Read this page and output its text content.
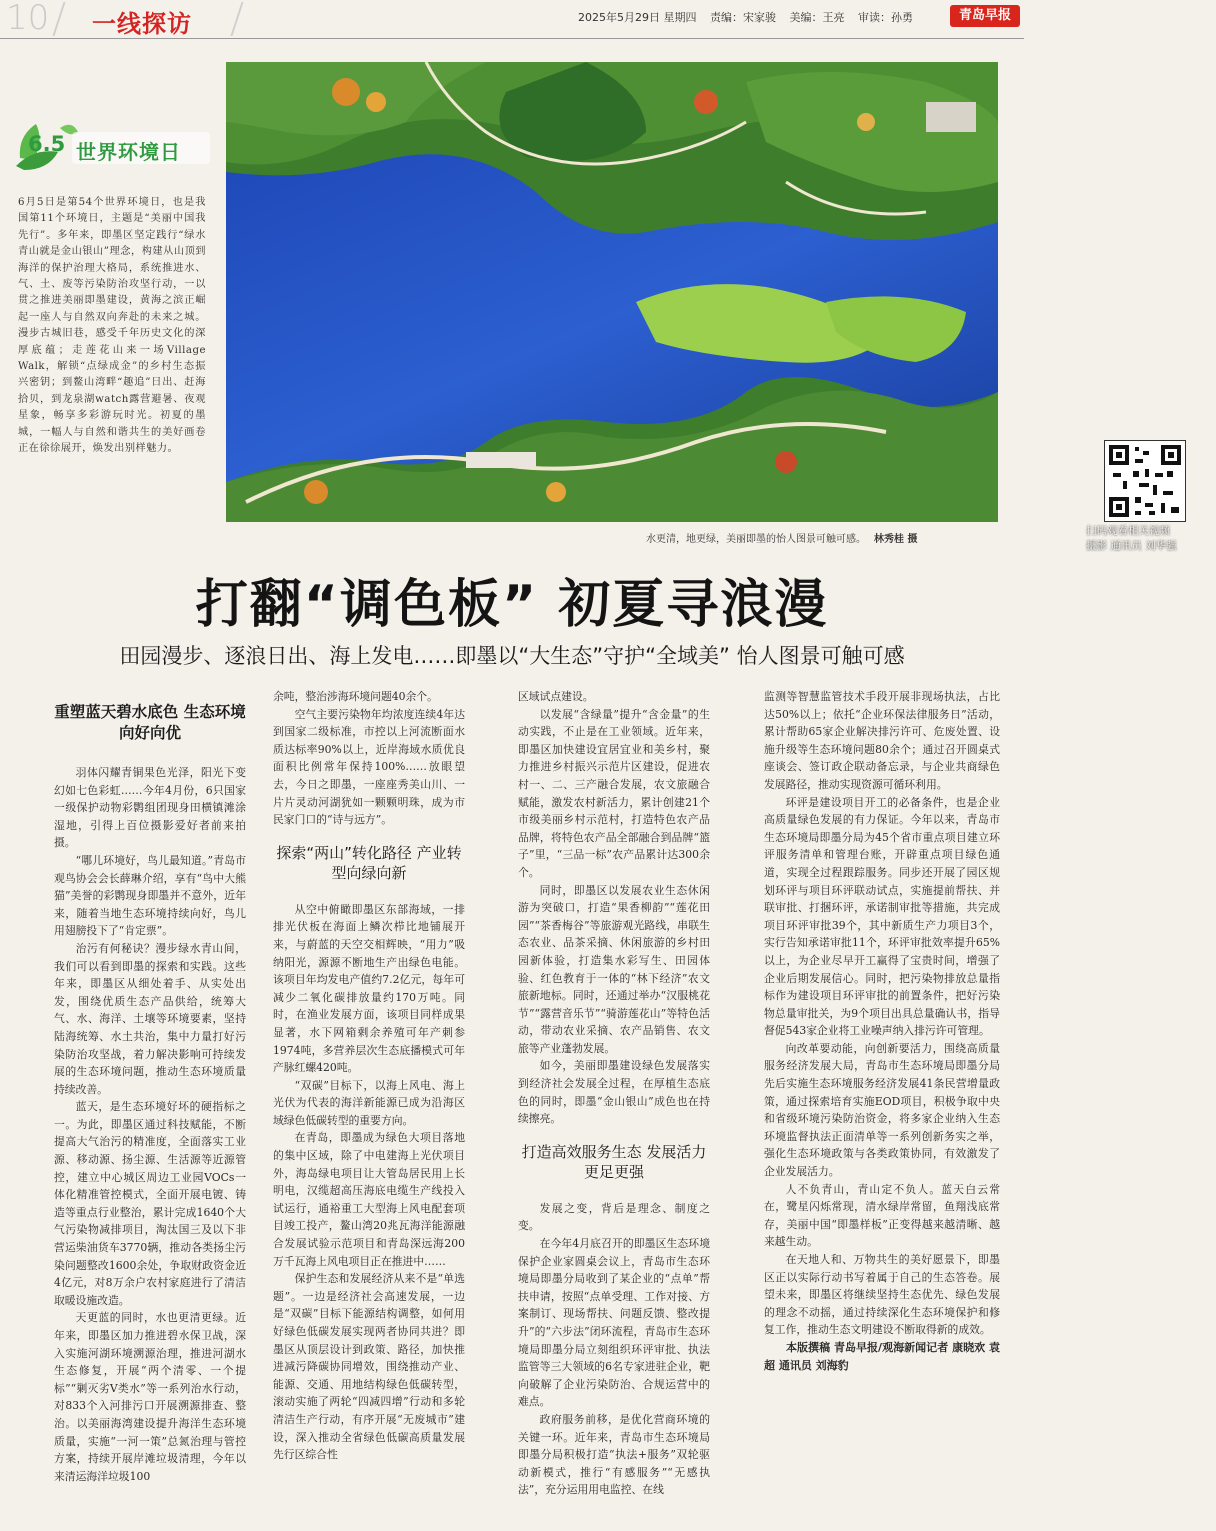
10 一线探访	2025年5月29日 星期四 责编：宋家骏 美编：王亮 审读：孙勇	青岛早报
扫码观看相关视频
摄影 通讯员 刘华强
水更清，地更绿，美丽即墨的怡人图景可触可感。 林秀桂 摄
6.5 世界环境日
6月5日是第54个世界环境日，也是我国第11个环境日，主题是“美丽中国我先行”。多年来，即墨区坚定践行“绿水青山就是金山银山”理念，构建从山顶到海洋的保护治理大格局，系统推进水、气、土、废等污染防治攻坚行动，一以贯之推进美丽即墨建设，黄海之滨正崛起一座人与自然双向奔赴的未来之城。漫步古城旧巷，感受千年历史文化的深厚底蕴；走莲花山来一场Village Walk，解锁“点绿成金”的乡村生态振兴密钥；到鳌山湾畔“趣追”日出、赶海拾贝，到龙泉湖watch露营避暑、夜观星象，畅享多彩游玩时光。初夏的墨城，一幅人与自然和谐共生的美好画卷正在徐徐展开，焕发出别样魅力。
打翻“调色板” 初夏寻浪漫
田园漫步、逐浪日出、海上发电……即墨以“大生态”守护“全域美” 怡人图景可触可感
重塑蓝天碧水底色 生态环境向好向优

羽体闪耀青铜果色光泽，阳光下变幻如七色彩虹……今年4月份，6只国家一级保护动物彩鹮组团现身田横镇滩涂湿地，引得上百位摄影爱好者前来拍摄。

“哪儿环境好，鸟儿最知道。”青岛市观鸟协会会长薛琳介绍，享有“鸟中大熊猫”美誉的彩鹮现身即墨并不意外，近年来，随着当地生态环境持续向好，鸟儿用翅膀投下了“肯定票”。

治污有何秘诀？漫步绿水青山间，我们可以看到即墨的探索和实践。这些年来，即墨区从细处着手、从实处出发，围绕优质生态产品供给，统筹大气、水、海洋、土壤等环境要素，坚持陆海统筹、水土共治，集中力量打好污染防治攻坚战，着力解决影响可持续发展的生态环境问题，推动生态环境质量持续改善。

蓝天，是生态环境好坏的硬指标之一。为此，即墨区通过科技赋能，不断提高大气治污的精准度，全面落实工业源、移动源、扬尘源、生活源等近源管控，建立中心城区周边工业园VOCs一体化精准管控模式，全面开展电镀、铸造等重点行业整治，累计完成1640个大气污染物减排项目，淘汰国三及以下非营运柴油货车3770辆，推动各类扬尘污染问题整改1600余处，争取财政资金近4亿元，对8万余户农村家庭进行了清洁取暖设施改造。

天更蓝的同时，水也更清更绿。近年来，即墨区加力推进碧水保卫战，深入实施河湖环境溯源治理，推进河湖水生态修复，开展“两个清零、一个提标”“剿灭劣V类水”等一系列治水行动，对833个入河排污口开展溯源排查、整治。以美丽海湾建设提升海洋生态环境质量，实施“一河一策”总氮治理与管控方案，持续开展岸滩垃圾清理，今年以来清运海洋垃圾100

余吨，整治涉海环境问题40余个。

空气主要污染物年均浓度连续4年达到国家二级标准，市控以上河流断面水质达标率90%以上，近岸海域水质优良面积比例常年保持100%……放眼望去，今日之即墨，一座座秀美山川、一片片灵动河湖犹如一颗颗明珠，成为市民家门口的“诗与远方”。

探索“两山”转化路径 产业转型向绿向新

从空中俯瞰即墨区东部海域，一排排光伏板在海面上鳞次栉比地铺展开来，与蔚蓝的天空交相辉映，“用力”吸纳阳光，源源不断地生产出绿色电能。该项目年均发电产值约7.2亿元，每年可减少二氧化碳排放量约170万吨。同时，在渔业发展方面，该项目同样成果显著，水下网箱剩余养殖可年产刺参1974吨，多营养层次生态底播模式可年产脉红螺420吨。

“双碳”目标下，以海上风电、海上光伏为代表的海洋新能源已成为沿海区域绿色低碳转型的重要方向。

在青岛，即墨成为绿色大项目落地的集中区域，除了中电建海上光伏项目外，海岛绿电项目让大管岛居民用上长明电，汉缆超高压海底电缆生产线投入试运行，通裕重工大型海上风电配套项目竣工投产，鳌山湾20兆瓦海洋能源融合发展试验示范项目和青岛深远海200万千瓦海上风电项目正在推进中……

保护生态和发展经济从来不是“单选题”。一边是经济社会高速发展，一边是“双碳”目标下能源结构调整，如何用好绿色低碳发展实现两者协同共进？即墨区从顶层设计到政策、路径，加快推进减污降碳协同增效，围绕推动产业、能源、交通、用地结构绿色低碳转型，滚动实施了两轮“四减四增”行动和多轮清洁生产行动，有序开展“无废城市”建设，深入推动全省绿色低碳高质量发展先行区综合性

区域试点建设。

以发展“含绿量”提升“含金量”的生动实践，不止是在工业领域。近年来，即墨区加快建设宜居宜业和美乡村，聚力推进乡村振兴示范片区建设，促进农村一、二、三产融合发展，农文旅融合赋能，激发农村新活力，累计创建21个市级美丽乡村示范村，打造特色农产品品牌，将特色农产品全部融合到品牌“篮子”里，“三品一标”农产品累计达300余个。

同时，即墨区以发展农业生态休闲游为突破口，打造“果香柳韵”“莲花田园”“茶香梅谷”等旅游观光路线，串联生态农业、品茶采摘、休闲旅游的乡村田园新体验，打造集水彩写生、田园体验、红色教育于一体的“林下经济”农文旅新地标。同时，还通过举办“汉服桃花节”“露营音乐节”“骑游莲花山”等特色活动，带动农业采摘、农产品销售、农文旅等产业蓬勃发展。

如今，美丽即墨建设绿色发展落实到经济社会发展全过程，在厚植生态底色的同时，即墨“金山银山”成色也在持续擦亮。

打造高效服务生态 发展活力更足更强

发展之变，背后是理念、制度之变。

在今年4月底召开的即墨区生态环境保护企业家圆桌会议上，青岛市生态环境局即墨分局收到了某企业的“点单”帮扶申请，按照“点单受理、工作对接、方案制订、现场帮扶、问题反馈、整改提升”的“六步法”闭环流程，青岛市生态环境局即墨分局立刻组织环评审批、执法监管等三大领域的6名专家进驻企业，靶向破解了企业污染防治、合规运营中的难点。

政府服务前移，是优化营商环境的关键一环。近年来，青岛市生态环境局即墨分局积极打造“执法+服务”双轮驱动新模式，推行“有感服务”“无感执法”，充分运用用电监控、在线

监测等智慧监管技术手段开展非现场执法，占比达50%以上；依托“企业环保法律服务日”活动，累计帮助65家企业解决排污许可、危废处置、设施升级等生态环境问题80余个；通过召开圆桌式座谈会、签订政企联动备忘录，与企业共商绿色发展路径，推动实现资源可循环利用。

环评是建设项目开工的必备条件，也是企业高质量绿色发展的有力保证。今年以来，青岛市生态环境局即墨分局为45个省市重点项目建立环评服务清单和管理台账，开辟重点项目绿色通道，实现全过程跟踪服务。同步还开展了园区规划环评与项目环评联动试点，实施提前帮扶、并联审批、打捆环评，承诺制审批等措施，共完成项目环评审批39个，其中新质生产力项目3个，实行告知承诺审批11个，环评审批效率提升65%以上，为企业尽早开工赢得了宝贵时间，增强了企业后期发展信心。同时，把污染物排放总量指标作为建设项目环评审批的前置条件，把好污染物总量审批关，为9个项目出具总量确认书，指导督促543家企业将工业噪声纳入排污许可管理。

向改革要动能，向创新要活力，围绕高质量服务经济发展大局，青岛市生态环境局即墨分局先后实施生态环境服务经济发展41条民营增量政策，通过探索培育实施EOD项目，积极争取中央和省级环境污染防治资金，将多家企业纳入生态环境监督执法正面清单等一系列创新务实之举，强化生态环境政策与各类政策协同，有效激发了企业发展活力。

人不负青山，青山定不负人。蓝天白云常在，鹭星闪烁常现，清水绿岸常留，鱼翔浅底常存，美丽中国“即墨样板”正变得越来越清晰、越来越生动。

在天地人和、万物共生的美好愿景下，即墨区正以实际行动书写着属于自己的生态答卷。展望未来，即墨区将继续坚持生态优先、绿色发展的理念不动摇，通过持续深化生态环境保护和修复工作，推动生态文明建设不断取得新的成效。

本版撰稿 青岛早报/观海新闻记者 康晓欢 袁超 通讯员 刘海豹
